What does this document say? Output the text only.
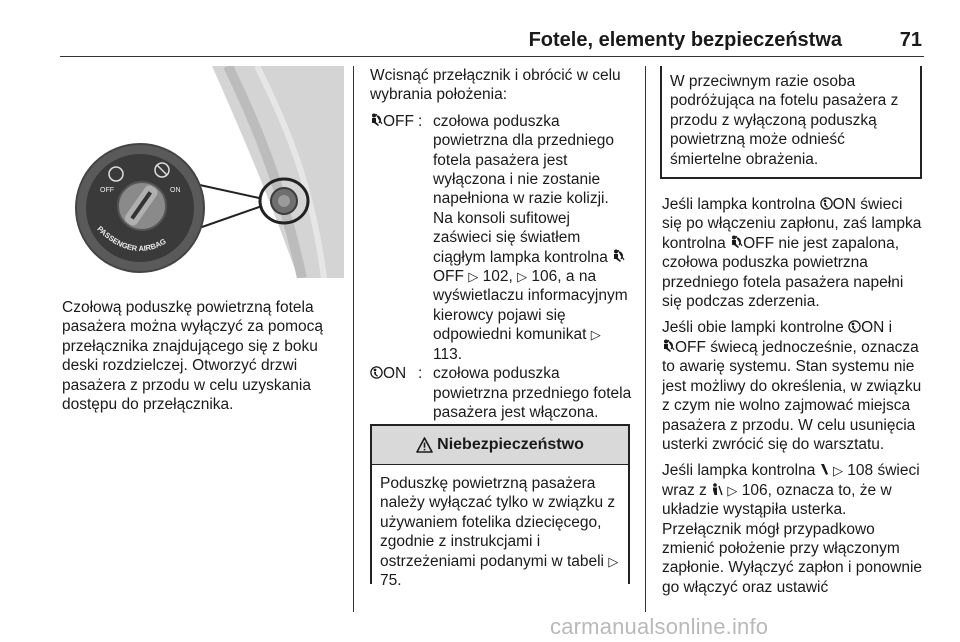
Fotele, elementy bezpieczeństwa	71
OFF	ON
PASSENGER AIRBAG

Czołową poduszkę powietrzną fotela pasażera można wyłączyć za pomocą przełącznika znajdującego się z boku deski rozdzielczej. Otworzyć drzwi pasażera z przodu w celu uzyskania dostępu do przełącznika.

Wcisnąć przełącznik i obrócić w celu wybrania położenia:

OFF : czołowa poduszka powietrzna dla przedniego fotela pasażera jest wyłączona i nie zostanie napełniona w razie kolizji. Na konsoli sufitowej zaświeci się światłem ciągłym lampka kontrolna OFF ▷ 102, ▷ 106, a na wyświetlaczu informacyjnym kierowcy pojawi się odpowiedni komunikat ▷ 113.
ON : czołowa poduszka powietrzna przedniego fotela pasażera jest włączona.
Niebezpieczeństwo
Poduszkę powietrzną pasażera należy wyłączać tylko w związku z używaniem fotelika dziecięcego, zgodnie z instrukcjami i ostrzeżeniami podanymi w tabeli ▷ 75.
W przeciwnym razie osoba podróżująca na fotelu pasażera z przodu z wyłączoną poduszką powietrzną może odnieść śmiertelne obrażenia.

Jeśli lampka kontrolna ON świeci się po włączeniu zapłonu, zaś lampka kontrolna OFF nie jest zapalona, czołowa poduszka powietrzna przedniego fotela pasażera napełni się podczas zderzenia.

Jeśli obie lampki kontrolne ON i
OFF świecą jednocześnie, oznacza to awarię systemu. Stan systemu nie jest możliwy do określenia, w związku z czym nie wolno zajmować miejsca pasażera z przodu. W celu usunięcia usterki zwrócić się do warsztatu.

Jeśli lampka kontrolna  ▷ 108 świeci wraz z  ▷ 106, oznacza to, że w układzie wystąpiła usterka. Przełącznik mógł przypadkowo zmienić położenie przy włączonym zapłonie. Wyłączyć zapłon i ponownie go włączyć oraz ustawić

carmanualsonline.info
